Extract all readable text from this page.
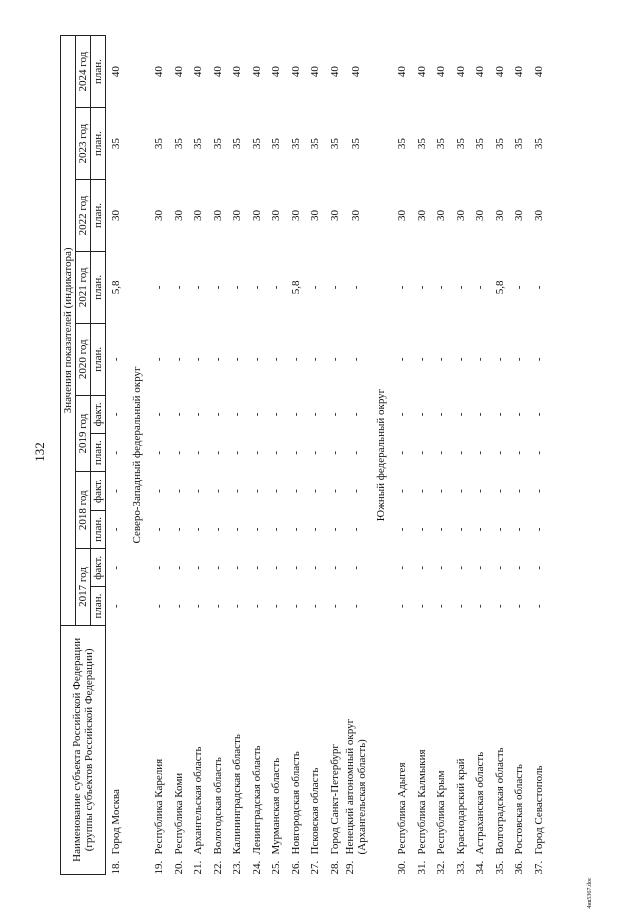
132
4ив5367.doc
Наименование субъекта Российской Федерации (группы субъектов Российской Федерации)	Значения показателей (индикатора)										
	2017 год		2018 год		2019 год		2020 год	2021 год	2022 год	2023 год	2024 год
	план.	факт.	план.	факт.	план.	факт.	план.	план.	план.	план.	план.
18.Город Москва	-	-	-	-	-	-	-	5,8	30	35	40
Северо-Западный федеральный округ											
19.Республика Карелия	-	-	-	-	-	-	-	-	30	35	40
20.Республика Коми	-	-	-	-	-	-	-	-	30	35	40
21.Архангельская область	-	-	-	-	-	-	-	-	30	35	40
22.Вологодская область	-	-	-	-	-	-	-	-	30	35	40
23.Калининградская область	-	-	-	-	-	-	-	-	30	35	40
24.Ленинградская область	-	-	-	-	-	-	-	-	30	35	40
25.Мурманская область	-	-	-	-	-	-	-	-	30	35	40
26.Новгородская область	-	-	-	-	-	-	-	5,8	30	35	40
27.Псковская область	-	-	-	-	-	-	-	-	30	35	40
28.Город Санкт-Петербург	-	-	-	-	-	-	-	-	30	35	40
29.Ненецкий автономный округ (Архангельская область)	-	-	-	-	-	-	-	-	30	35	40
Южный федеральный округ											
30.Республика Адыгея	-	-	-	-	-	-	-	-	30	35	40
31.Республика Калмыкия	-	-	-	-	-	-	-	-	30	35	40
32.Республика Крым	-	-	-	-	-	-	-	-	30	35	40
33.Краснодарский край	-	-	-	-	-	-	-	-	30	35	40
34.Астраханская область	-	-	-	-	-	-	-	-	30	35	40
35.Волгоградская область	-	-	-	-	-	-	-	5,8	30	35	40
36.Ростовская область	-	-	-	-	-	-	-	-	30	35	40
37.Город Севастополь	-	-	-	-	-	-	-	-	30	35	40
